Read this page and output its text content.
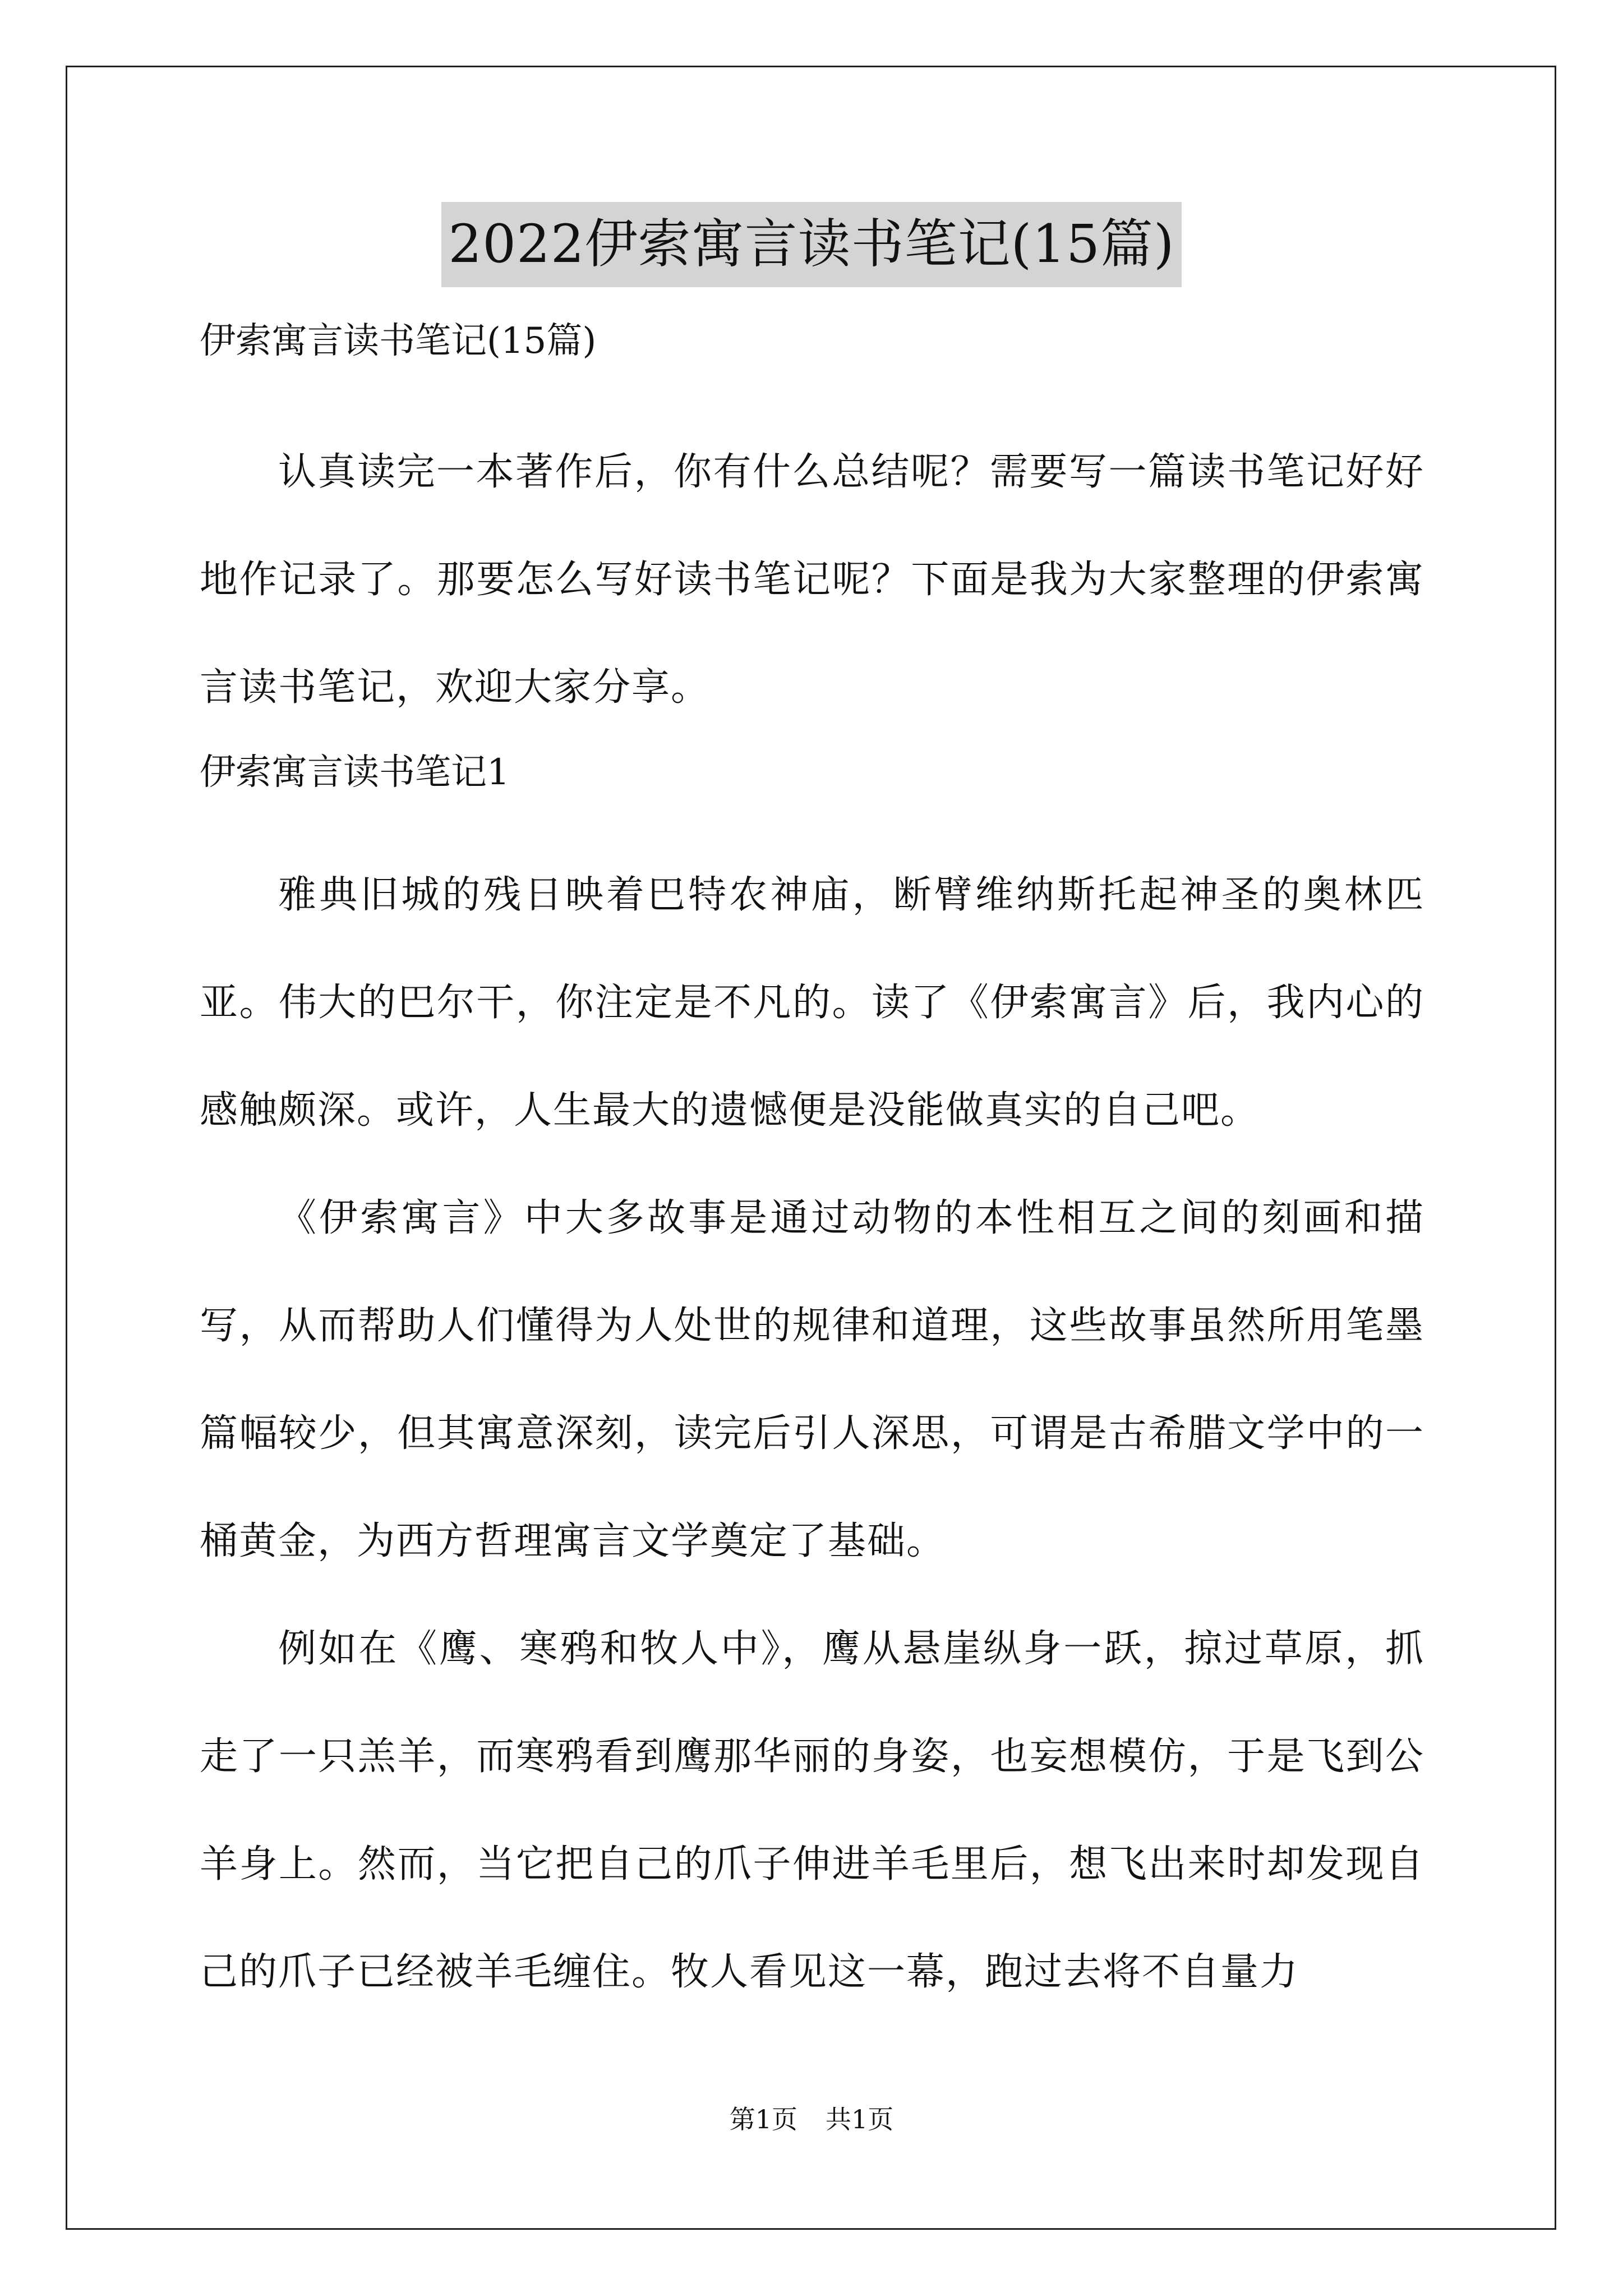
2022伊索寓言读书笔记(15篇)

伊索寓言读书笔记(15篇)

认真读完一本著作后，你有什么总结呢？需要写一篇读书笔记好好地作记录了。那要怎么写好读书笔记呢？下面是我为大家整理的伊索寓言读书笔记，欢迎大家分享。

伊索寓言读书笔记1

雅典旧城的残日映着巴特农神庙，断臂维纳斯托起神圣的奥林匹亚。伟大的巴尔干，你注定是不凡的。读了《伊索寓言》后，我内心的感触颇深。或许，人生最大的遗憾便是没能做真实的自己吧。

《伊索寓言》中大多故事是通过动物的本性相互之间的刻画和描写，从而帮助人们懂得为人处世的规律和道理，这些故事虽然所用笔墨篇幅较少，但其寓意深刻，读完后引人深思，可谓是古希腊文学中的一桶黄金，为西方哲理寓言文学奠定了基础。

例如在《鹰、寒鸦和牧人中》，鹰从悬崖纵身一跃，掠过草原，抓走了一只羔羊，而寒鸦看到鹰那华丽的身姿，也妄想模仿，于是飞到公羊身上。然而，当它把自己的爪子伸进羊毛里后，想飞出来时却发现自己的爪子已经被羊毛缠住。牧人看见这一幕，跑过去将不自量力

第1页 共1页
